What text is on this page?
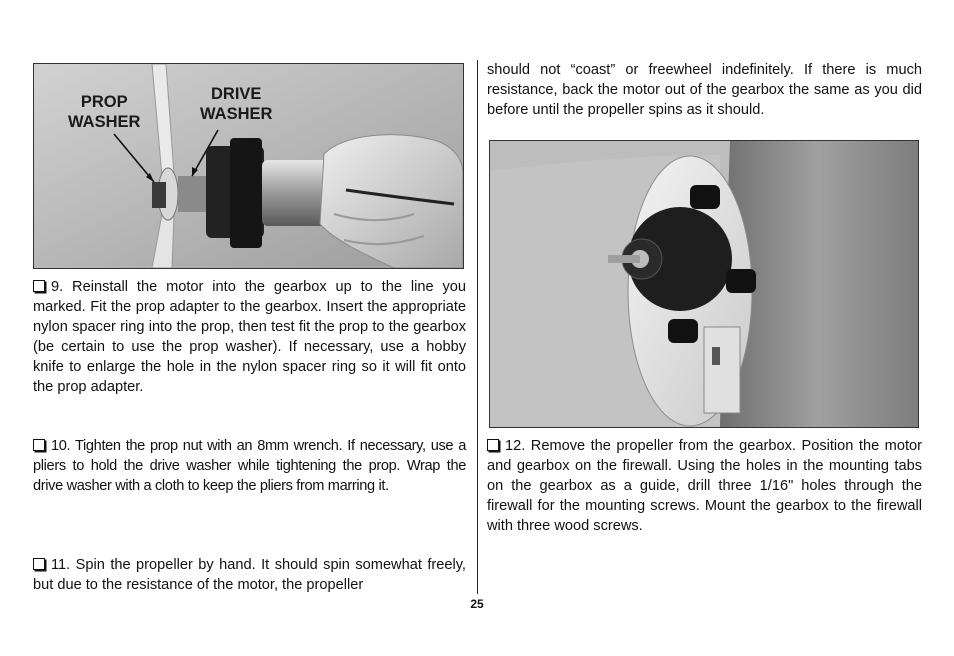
PROP
WASHER
DRIVE
WASHER

9. Reinstall the motor into the gearbox up to the line you marked. Fit the prop adapter to the gearbox. Insert the appropriate nylon spacer ring into the prop, then test fit the prop to the gearbox (be certain to use the prop washer). If necessary, use a hobby knife to enlarge the hole in the nylon spacer ring so it will fit onto the prop adapter.

10. Tighten the prop nut with an 8mm wrench. If necessary, use a pliers to hold the drive washer while tightening the prop. Wrap the drive washer with a cloth to keep the pliers from marring it.

11. Spin the propeller by hand. It should spin somewhat freely, but due to the resistance of the motor, the propeller

should not “coast” or freewheel indefinitely. If there is much resistance, back the motor out of the gearbox the same as you did before until the propeller spins as it should.

12. Remove the propeller from the gearbox. Position the motor and gearbox on the firewall. Using the holes in the mounting tabs on the gearbox as a guide, drill three 1/16" holes through the firewall for the mounting screws. Mount the gearbox to the firewall with three wood screws.

25
